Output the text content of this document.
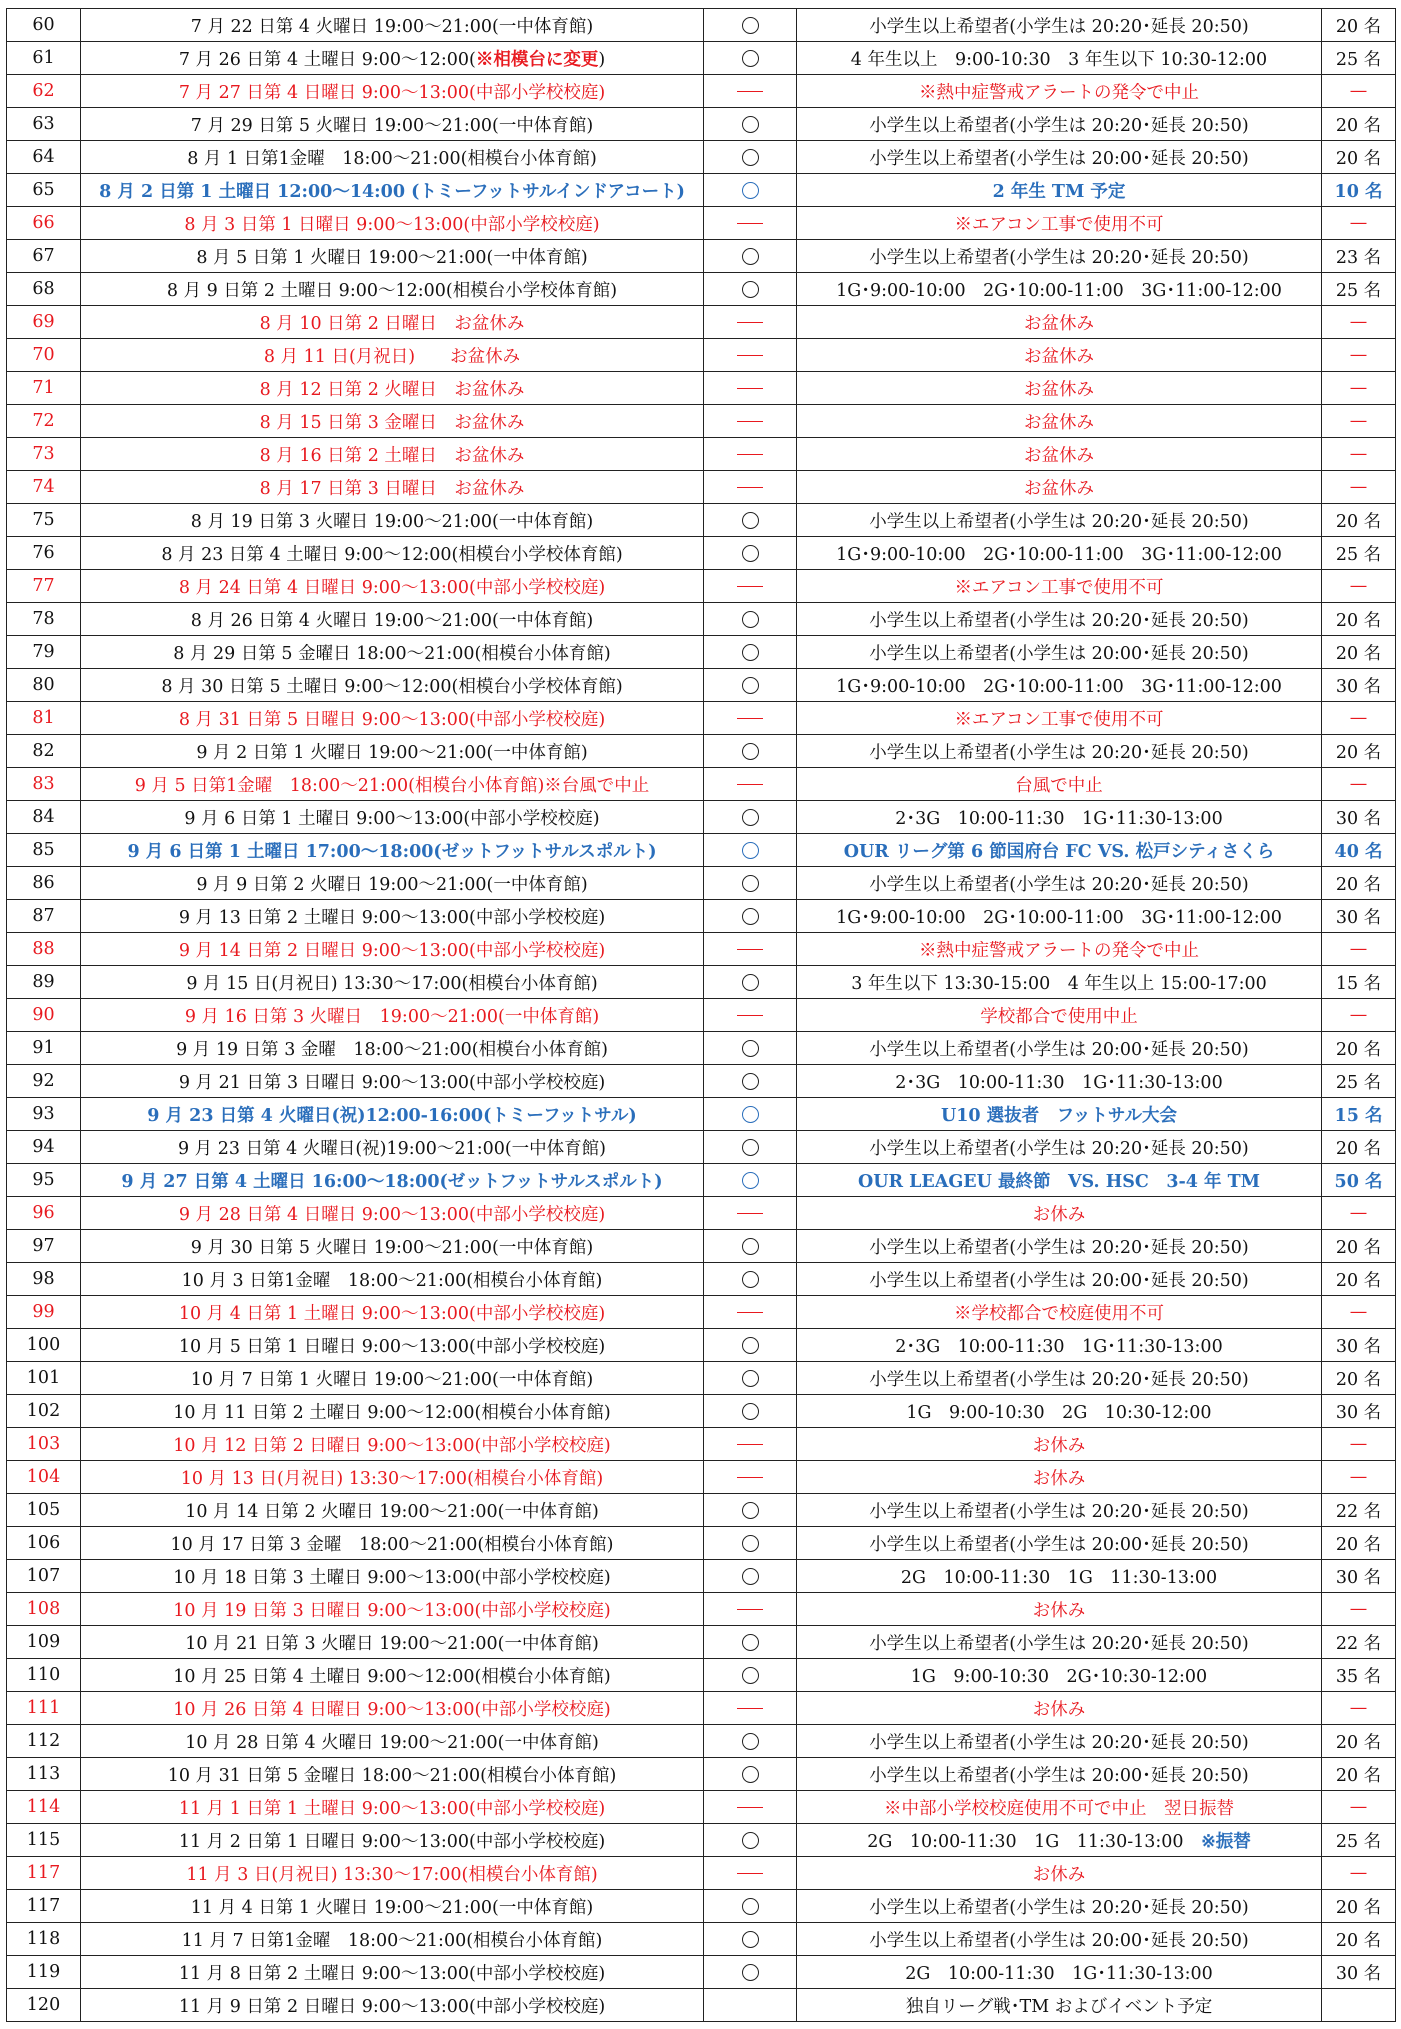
60	7 月 22 日第 4 火曜日 19:00～21:00(一中体育館)		小学生以上希望者(小学生は 20:20･延長 20:50)	20 名
61	7 月 26 日第 4 土曜日 9:00～12:00(※相模台に変更)		4 年生以上　9:00-10:30　3 年生以下 10:30-12:00	25 名
62	7 月 27 日第 4 日曜日 9:00～13:00(中部小学校校庭)		※熱中症警戒アラートの発令で中止	—
63	7 月 29 日第 5 火曜日 19:00～21:00(一中体育館)		小学生以上希望者(小学生は 20:20･延長 20:50)	20 名
64	8 月 1 日第1金曜　18:00～21:00(相模台小体育館)		小学生以上希望者(小学生は 20:00･延長 20:50)	20 名
65	8 月 2 日第 1 土曜日 12:00～14:00 (トミーフットサルインドアコート)		2 年生 TM 予定	10 名
66	8 月 3 日第 1 日曜日 9:00～13:00(中部小学校校庭)		※エアコン工事で使用不可	—
67	8 月 5 日第 1 火曜日 19:00～21:00(一中体育館)		小学生以上希望者(小学生は 20:20･延長 20:50)	23 名
68	8 月 9 日第 2 土曜日 9:00～12:00(相模台小学校体育館)		1G･9:00-10:00　2G･10:00-11:00　3G･11:00-12:00	25 名
69	8 月 10 日第 2 日曜日　お盆休み		お盆休み	—
70	8 月 11 日(月祝日)　　お盆休み		お盆休み	—
71	8 月 12 日第 2 火曜日　お盆休み		お盆休み	—
72	8 月 15 日第 3 金曜日　お盆休み		お盆休み	—
73	8 月 16 日第 2 土曜日　お盆休み		お盆休み	—
74	8 月 17 日第 3 日曜日　お盆休み		お盆休み	—
75	8 月 19 日第 3 火曜日 19:00～21:00(一中体育館)		小学生以上希望者(小学生は 20:20･延長 20:50)	20 名
76	8 月 23 日第 4 土曜日 9:00～12:00(相模台小学校体育館)		1G･9:00-10:00　2G･10:00-11:00　3G･11:00-12:00	25 名
77	8 月 24 日第 4 日曜日 9:00～13:00(中部小学校校庭)		※エアコン工事で使用不可	—
78	8 月 26 日第 4 火曜日 19:00～21:00(一中体育館)		小学生以上希望者(小学生は 20:20･延長 20:50)	20 名
79	8 月 29 日第 5 金曜日 18:00～21:00(相模台小体育館)		小学生以上希望者(小学生は 20:00･延長 20:50)	20 名
80	8 月 30 日第 5 土曜日 9:00～12:00(相模台小学校体育館)		1G･9:00-10:00　2G･10:00-11:00　3G･11:00-12:00	30 名
81	8 月 31 日第 5 日曜日 9:00～13:00(中部小学校校庭)		※エアコン工事で使用不可	—
82	9 月 2 日第 1 火曜日 19:00～21:00(一中体育館)		小学生以上希望者(小学生は 20:20･延長 20:50)	20 名
83	9 月 5 日第1金曜　18:00～21:00(相模台小体育館)※台風で中止		台風で中止	—
84	9 月 6 日第 1 土曜日 9:00～13:00(中部小学校校庭)		2･3G　10:00-11:30　1G･11:30-13:00	30 名
85	9 月 6 日第 1 土曜日 17:00～18:00(ゼットフットサルスポルト)		OUR リーグ第 6 節国府台 FC VS. 松戸シティさくら	40 名
86	9 月 9 日第 2 火曜日 19:00～21:00(一中体育館)		小学生以上希望者(小学生は 20:20･延長 20:50)	20 名
87	9 月 13 日第 2 土曜日 9:00～13:00(中部小学校校庭)		1G･9:00-10:00　2G･10:00-11:00　3G･11:00-12:00	30 名
88	9 月 14 日第 2 日曜日 9:00～13:00(中部小学校校庭)		※熱中症警戒アラートの発令で中止	—
89	9 月 15 日(月祝日) 13:30～17:00(相模台小体育館)		3 年生以下 13:30-15:00　4 年生以上 15:00-17:00	15 名
90	9 月 16 日第 3 火曜日　19:00～21:00(一中体育館)		学校都合で使用中止	—
91	9 月 19 日第 3 金曜　18:00～21:00(相模台小体育館)		小学生以上希望者(小学生は 20:00･延長 20:50)	20 名
92	9 月 21 日第 3 日曜日 9:00～13:00(中部小学校校庭)		2･3G　10:00-11:30　1G･11:30-13:00	25 名
93	9 月 23 日第 4 火曜日(祝)12:00-16:00(トミーフットサル)		U10 選抜者　フットサル大会	15 名
94	9 月 23 日第 4 火曜日(祝)19:00～21:00(一中体育館)		小学生以上希望者(小学生は 20:20･延長 20:50)	20 名
95	9 月 27 日第 4 土曜日 16:00～18:00(ゼットフットサルスポルト)		OUR LEAGEU 最終節　VS. HSC　3-4 年 TM	50 名
96	9 月 28 日第 4 日曜日 9:00～13:00(中部小学校校庭)		お休み	—
97	9 月 30 日第 5 火曜日 19:00～21:00(一中体育館)		小学生以上希望者(小学生は 20:20･延長 20:50)	20 名
98	10 月 3 日第1金曜　18:00～21:00(相模台小体育館)		小学生以上希望者(小学生は 20:00･延長 20:50)	20 名
99	10 月 4 日第 1 土曜日 9:00～13:00(中部小学校校庭)		※学校都合で校庭使用不可	—
100	10 月 5 日第 1 日曜日 9:00～13:00(中部小学校校庭)		2･3G　10:00-11:30　1G･11:30-13:00	30 名
101	10 月 7 日第 1 火曜日 19:00～21:00(一中体育館)		小学生以上希望者(小学生は 20:20･延長 20:50)	20 名
102	10 月 11 日第 2 土曜日 9:00～12:00(相模台小体育館)		1G　9:00-10:30　2G　10:30-12:00	30 名
103	10 月 12 日第 2 日曜日 9:00～13:00(中部小学校校庭)		お休み	—
104	10 月 13 日(月祝日) 13:30～17:00(相模台小体育館)		お休み	—
105	10 月 14 日第 2 火曜日 19:00～21:00(一中体育館)		小学生以上希望者(小学生は 20:20･延長 20:50)	22 名
106	10 月 17 日第 3 金曜　18:00～21:00(相模台小体育館)		小学生以上希望者(小学生は 20:00･延長 20:50)	20 名
107	10 月 18 日第 3 土曜日 9:00～13:00(中部小学校校庭)		2G　10:00-11:30　1G　11:30-13:00	30 名
108	10 月 19 日第 3 日曜日 9:00～13:00(中部小学校校庭)		お休み	—
109	10 月 21 日第 3 火曜日 19:00～21:00(一中体育館)		小学生以上希望者(小学生は 20:20･延長 20:50)	22 名
110	10 月 25 日第 4 土曜日 9:00～12:00(相模台小体育館)		1G　9:00-10:30　2G･10:30-12:00	35 名
111	10 月 26 日第 4 日曜日 9:00～13:00(中部小学校校庭)		お休み	—
112	10 月 28 日第 4 火曜日 19:00～21:00(一中体育館)		小学生以上希望者(小学生は 20:20･延長 20:50)	20 名
113	10 月 31 日第 5 金曜日 18:00～21:00(相模台小体育館)		小学生以上希望者(小学生は 20:00･延長 20:50)	20 名
114	11 月 1 日第 1 土曜日 9:00～13:00(中部小学校校庭)		※中部小学校校庭使用不可で中止　翌日振替	—
115	11 月 2 日第 1 日曜日 9:00～13:00(中部小学校校庭)		2G　10:00-11:30　1G　11:30-13:00　※振替	25 名
117	11 月 3 日(月祝日) 13:30～17:00(相模台小体育館)		お休み	—
117	11 月 4 日第 1 火曜日 19:00～21:00(一中体育館)		小学生以上希望者(小学生は 20:20･延長 20:50)	20 名
118	11 月 7 日第1金曜　18:00～21:00(相模台小体育館)		小学生以上希望者(小学生は 20:00･延長 20:50)	20 名
119	11 月 8 日第 2 土曜日 9:00～13:00(中部小学校校庭)		2G　10:00-11:30　1G･11:30-13:00	30 名
120	11 月 9 日第 2 日曜日 9:00～13:00(中部小学校校庭)		独自リーグ戦･TM およびイベント予定	
